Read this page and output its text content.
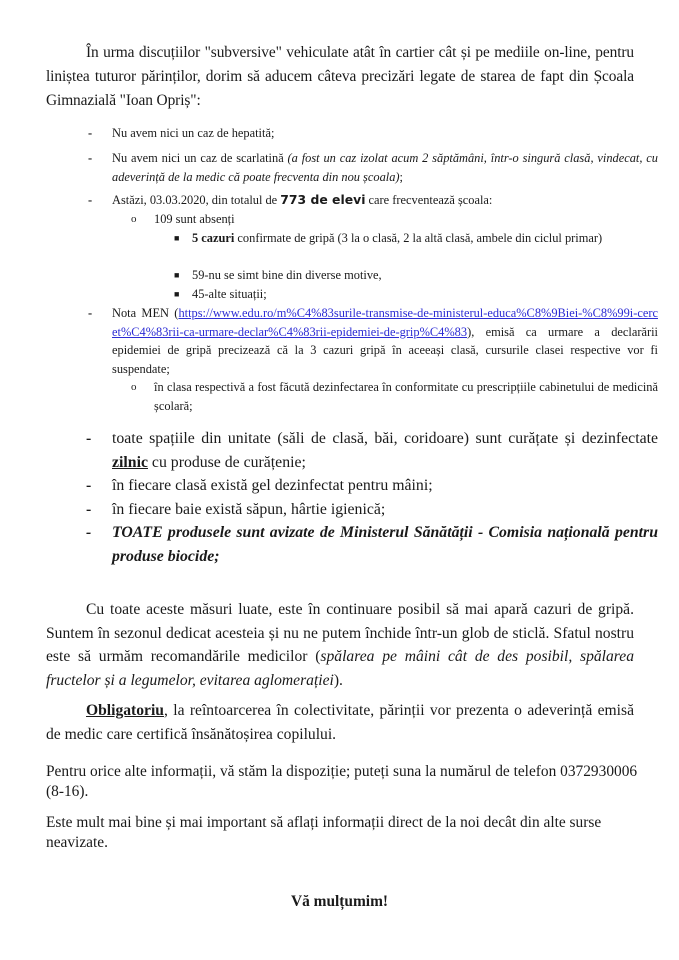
În urma discuțiilor "subversive" vehiculate atât în cartier cât și pe mediile on-line, pentru liniștea tuturor părinților, dorim să aducem câteva precizări legate de starea de fapt din Școala Gimnazială "Ioan Opriș":

- Nu avem nici un caz de hepatită;
- Nu avem nici un caz de scarlatină (a fost un caz izolat acum 2 săptămâni, într-o singură clasă, vindecat, cu adeverință de la medic că poate frecventa din nou școala);
- Astăzi, 03.03.2020, din totalul de 773 de elevi care frecventează școala:
o 109 sunt absenți
■ 5 cazuri confirmate de gripă (3 la o clasă, 2 la altă clasă, ambele din ciclul primar)
■ 59-nu se simt bine din diverse motive,
■ 45-alte situații;
- Nota MEN (https://www.edu.ro/m%C4%83surile-transmise-de-ministerul-educa%C8%9Biei-%C8%99i-cercet%C4%83rii-ca-urmare-declar%C4%83rii-epidemiei-de-grip%C4%83), emisă ca urmare a declarării epidemiei de gripă precizează că la 3 cazuri gripă în aceeași clasă, cursurile clasei respective vor fi suspendate;
o în clasa respectivă a fost făcută dezinfectarea în conformitate cu prescripțiile cabinetului de medicină școlară;
- toate spațiile din unitate (săli de clasă, băi, coridoare) sunt curățate și dezinfectate zilnic cu produse de curățenie;
- în fiecare clasă există gel dezinfectat pentru mâini;
- în fiecare baie există săpun, hârtie igienică;
- TOATE produsele sunt avizate de Ministerul Sănătății - Comisia națională pentru produse biocide;

Cu toate aceste măsuri luate, este în continuare posibil să mai apară cazuri de gripă. Suntem în sezonul dedicat acesteia și nu ne putem închide într-un glob de sticlă. Sfatul nostru este să urmăm recomandările medicilor (spălarea pe mâini cât de des posibil, spălarea fructelor și a legumelor, evitarea aglomerației).

Obligatoriu, la reîntoarcerea în colectivitate, părinții vor prezenta o adeverință emisă de medic care certifică însănătoșirea copilului.

Pentru orice alte informații, vă stăm la dispoziție; puteți suna la numărul de telefon 0372930006 (8-16).

Este mult mai bine și mai important să aflați informații direct de la noi decât din alte surse neavizate.

Vă mulțumim!
